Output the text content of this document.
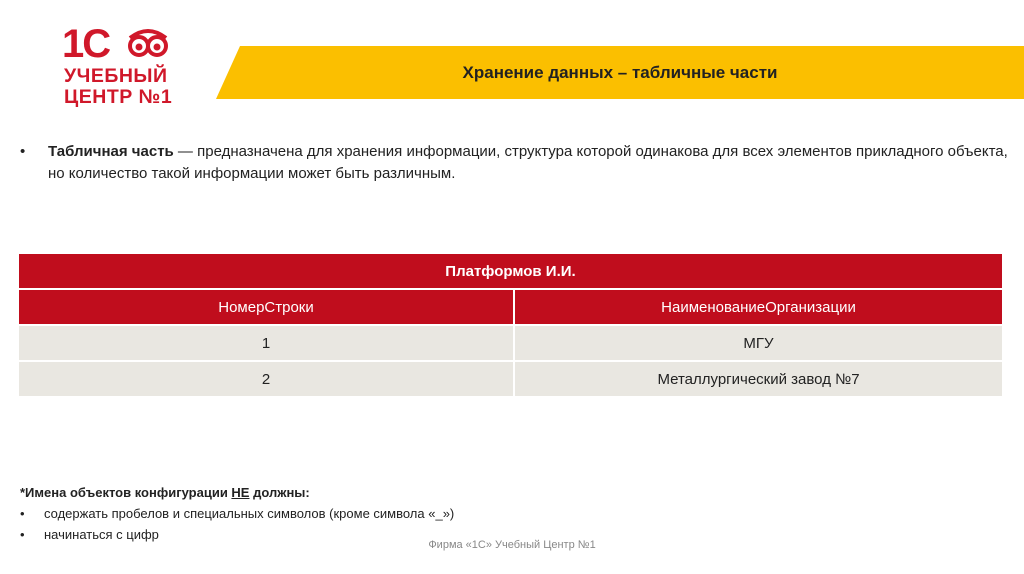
1С
УЧЕБНЫЙ
ЦЕНТР №1
Хранение данных – табличные части
• Табличная часть — предназначена для хранения информации, структура которой одинакова для всех элементов прикладного объекта, но количество такой информации может быть различным.
Платформов И.И.	
НомерСтроки	НаименованиеОрганизации
1	МГУ
2	Металлургический завод №7
*Имена объектов конфигурации НЕ должны:
• содержать пробелов и специальных символов (кроме символа «_»)
• начинаться с цифр
Фирма «1С» Учебный Центр №1
